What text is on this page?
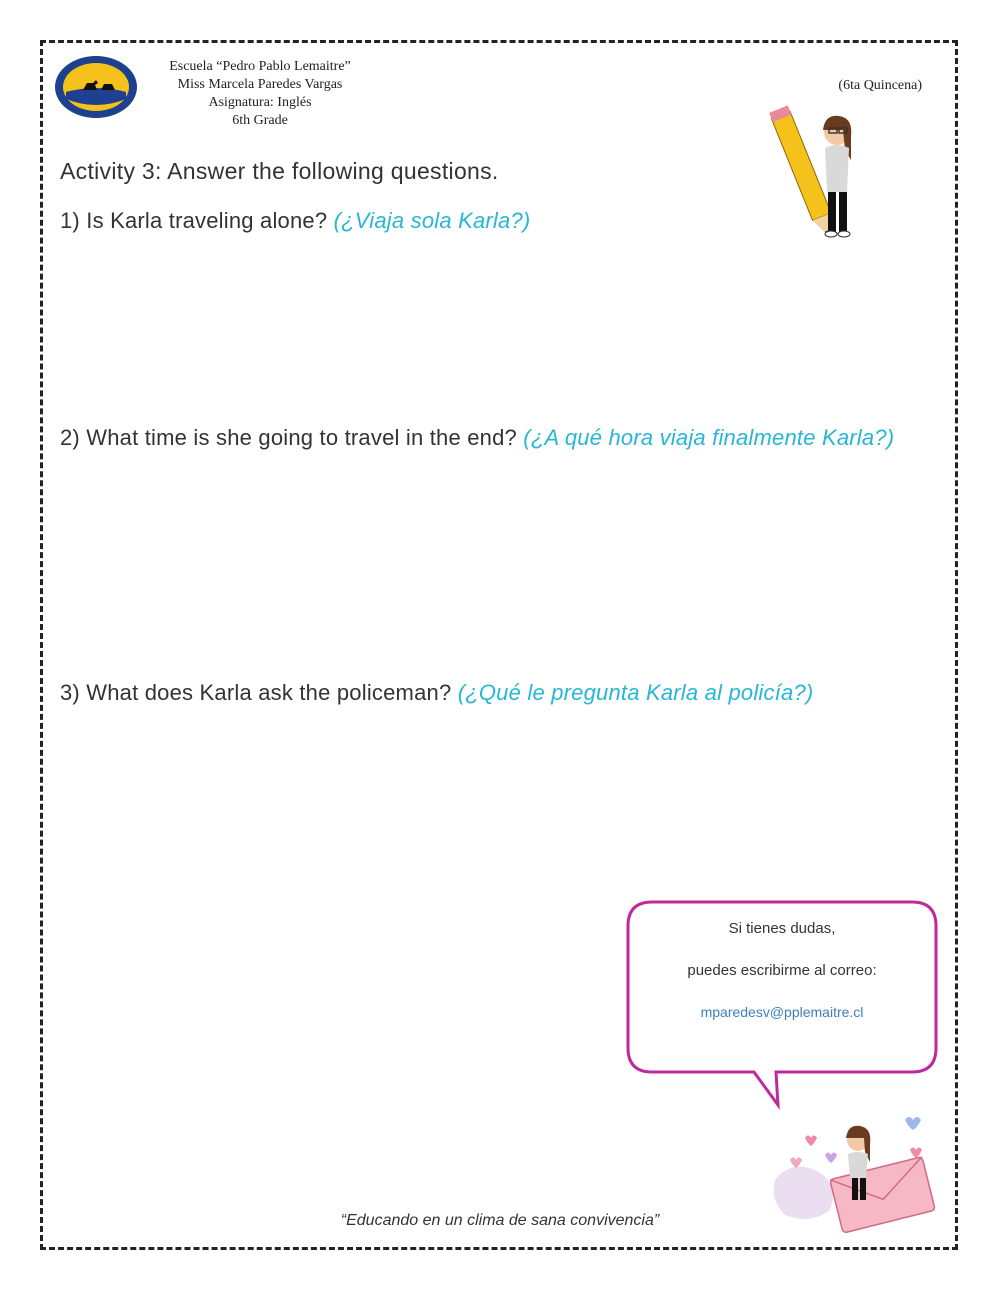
Escuela “Pedro Pablo Lemaitre”
Miss Marcela Paredes Vargas
Asignatura: Inglés
6th Grade
(6ta Quincena)
Activity 3: Answer the following questions.
1) Is Karla traveling alone? (¿Viaja sola Karla?)
2) What time is she going to travel in the end? (¿A qué hora viaja finalmente Karla?)
3) What does Karla ask the policeman? (¿Qué le pregunta Karla al policía?)
Si tienes dudas,
puedes escribirme al correo:
mparedesv@pplemaitre.cl
“Educando en un clima de sana convivencia”
